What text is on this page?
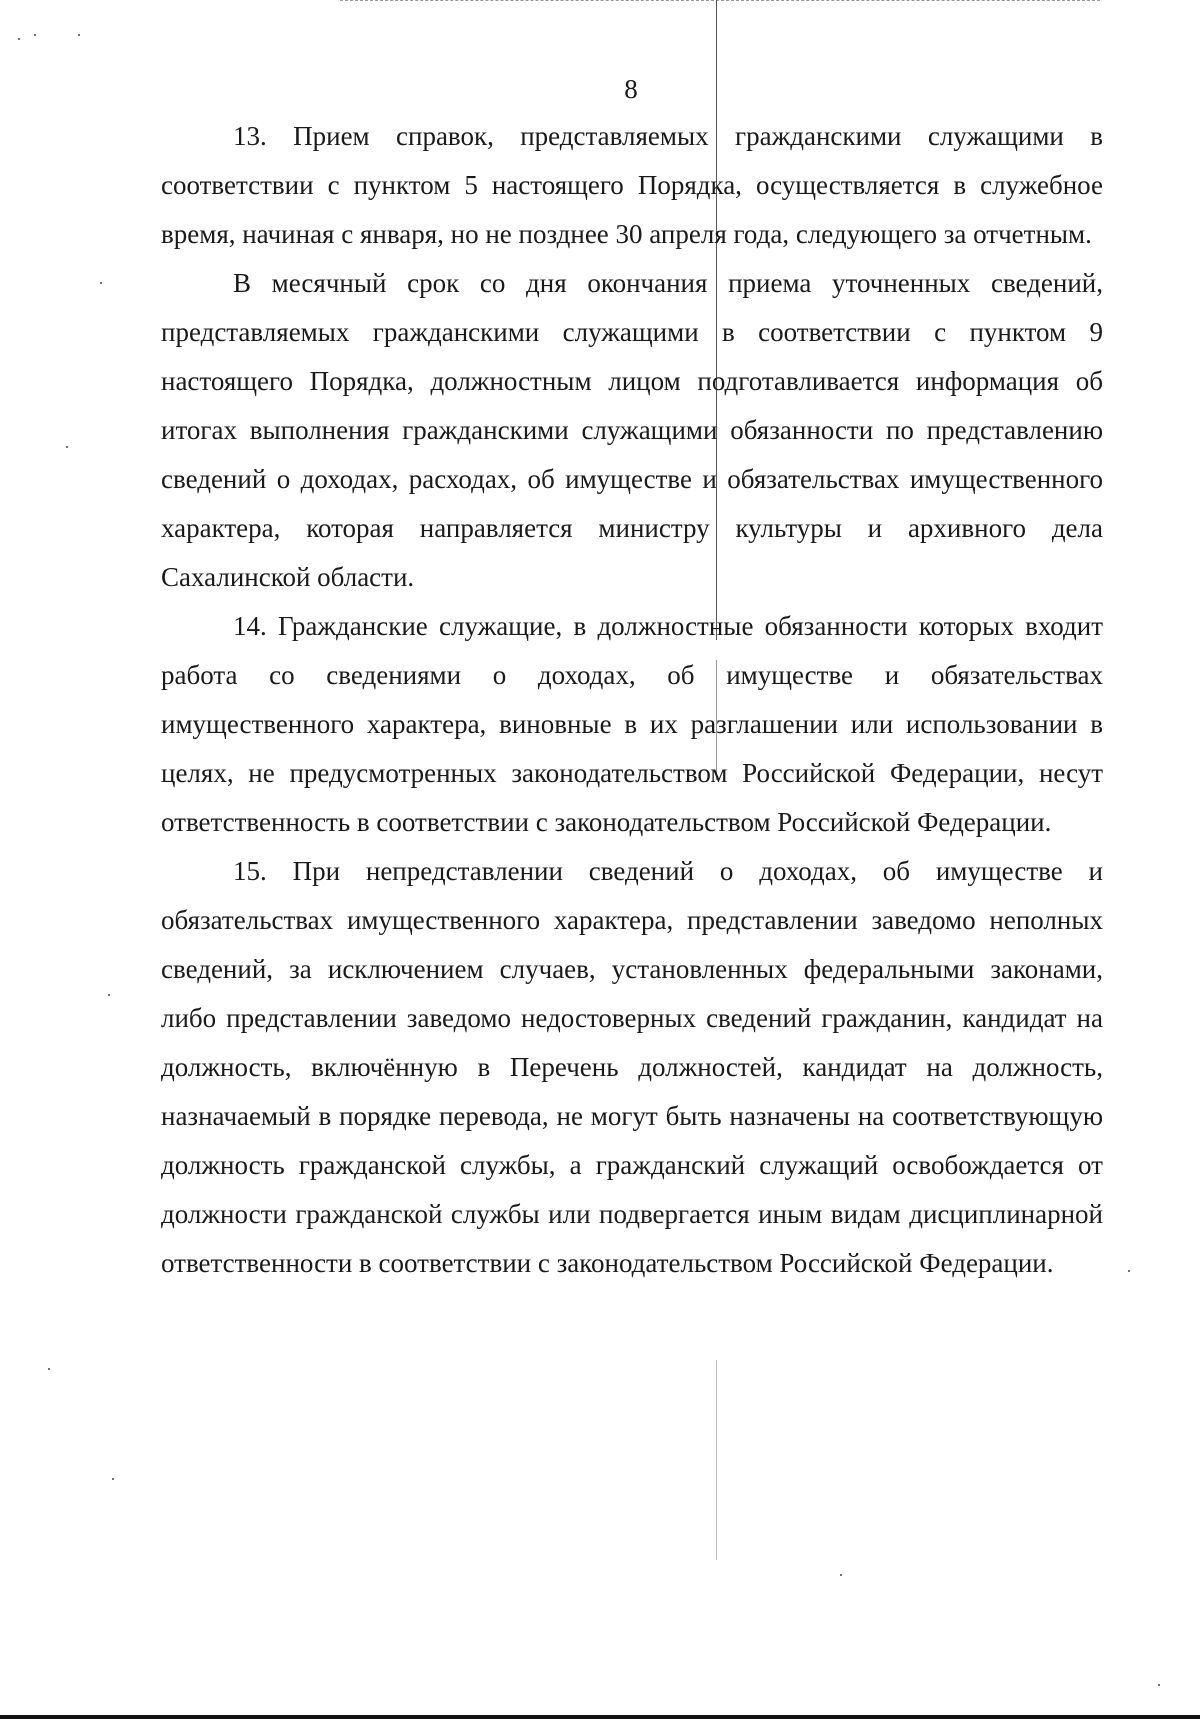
8

13. Прием справок, представляемых гражданскими служащими в соответствии с пунктом 5 настоящего Порядка, осуществляется в служебное время, начиная с января, но не позднее 30 апреля года, следующего за отчетным.

В месячный срок со дня окончания приема уточненных сведений, представляемых гражданскими служащими в соответствии с пунктом 9 настоящего Порядка, должностным лицом подготавливается информация об итогах выполнения гражданскими служащими обязанности по представлению сведений о доходах, расходах, об имуществе и обязательствах имущественного характера, которая направляется министру культуры и архивного дела Сахалинской области.

14. Гражданские служащие, в должностные обязанности которых входит работа со сведениями о доходах, об имуществе и обязательствах имущественного характера, виновные в их разглашении или использовании в целях, не предусмотренных законодательством Российской Федерации, несут ответственность в соответствии с законодательством Российской Федерации.

15. При непредставлении сведений о доходах, об имуществе и обязательствах имущественного характера, представлении заведомо неполных сведений, за исключением случаев, установленных федеральными законами, либо представлении заведомо недостоверных сведений гражданин, кандидат на должность, включённую в Перечень должностей, кандидат на должность, назначаемый в порядке перевода, не могут быть назначены на соответствующую должность гражданской службы, а гражданский служащий освобождается от должности гражданской службы или подвергается иным видам дисциплинарной ответственности в соответствии с законодательством Российской Федерации.
